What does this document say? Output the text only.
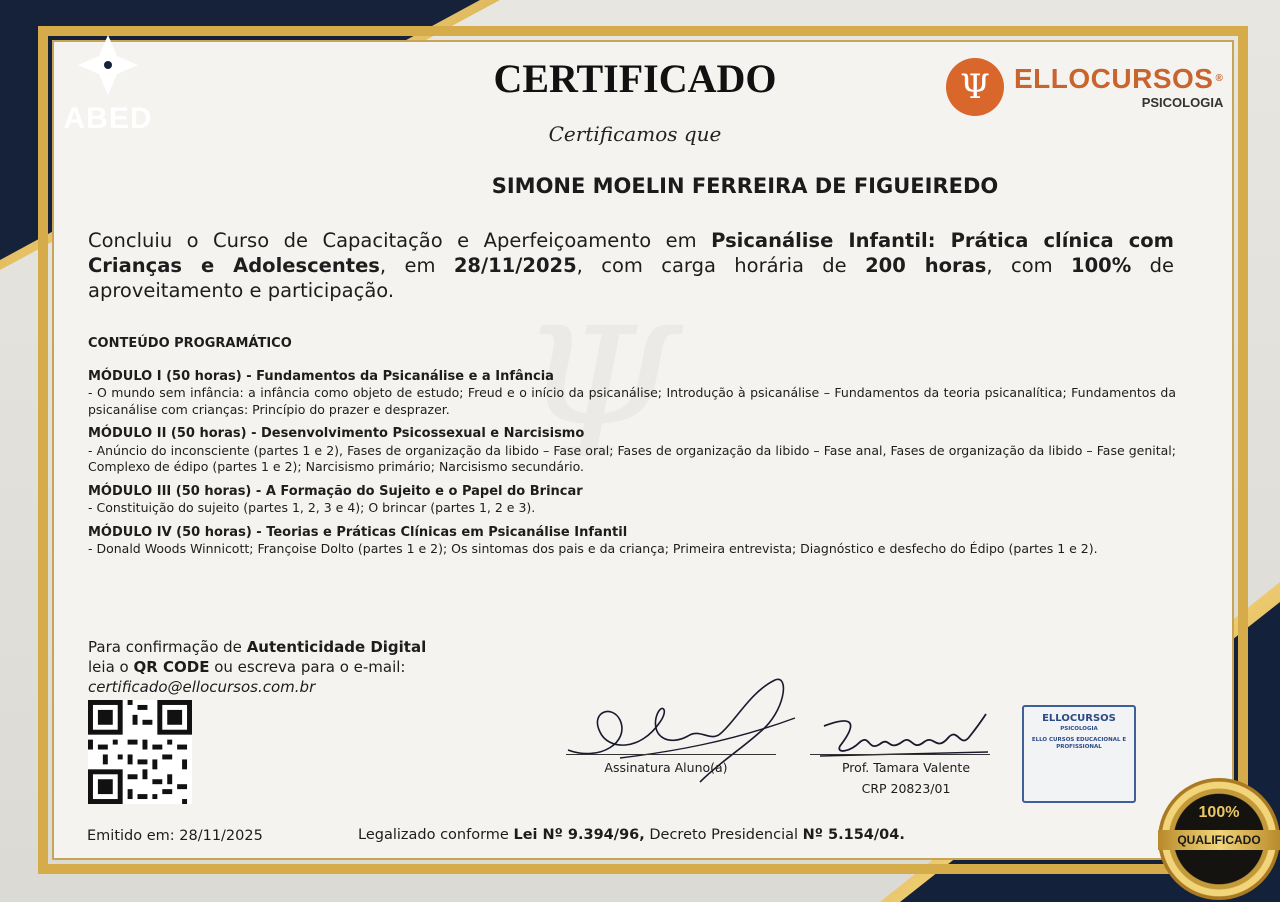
ABED
Ψ ELLOCURSOS ®
PSICOLOGIA
CERTIFICADO
Certificamos que
SIMONE MOELIN FERREIRA DE FIGUEIREDO
Concluiu o Curso de Capacitação e Aperfeiçoamento em Psicanálise Infantil: Prática clínica com Crianças e Adolescentes, em 28/11/2025, com carga horária de 200 horas, com 100% de aproveitamento e participação.
CONTEÚDO PROGRAMÁTICO
MÓDULO I (50 horas) - Fundamentos da Psicanálise e a Infância
- O mundo sem infância: a infância como objeto de estudo; Freud e o início da psicanálise; Introdução à psicanálise – Fundamentos da teoria psicanalítica; Fundamentos da psicanálise com crianças: Princípio do prazer e desprazer.
MÓDULO II (50 horas) - Desenvolvimento Psicossexual e Narcisismo
- Anúncio do inconsciente (partes 1 e 2), Fases de organização da libido – Fase oral; Fases de organização da libido – Fase anal, Fases de organização da libido – Fase genital; Complexo de édipo (partes 1 e 2); Narcisismo primário; Narcisismo secundário.
MÓDULO III (50 horas) - A Formação do Sujeito e o Papel do Brincar
- Constituição do sujeito (partes 1, 2, 3 e 4); O brincar (partes 1, 2 e 3).
MÓDULO IV (50 horas) - Teorias e Práticas Clínicas em Psicanálise Infantil
- Donald Woods Winnicott; Françoise Dolto (partes 1 e 2); Os sintomas dos pais e da criança; Primeira entrevista; Diagnóstico e desfecho do Édipo (partes 1 e 2).
Para confirmação de Autenticidade Digital
leia o QR CODE ou escreva para o e-mail:
certificado@ellocursos.com.br
Assinatura Aluno(a)	Prof. Tamara Valente
CRP 20823/01
ELLOCURSOS
PSICOLOGIA
ELLO CURSOS EDUCACIONAL E PROFISSIONAL
100%
QUALIFICADO
Emitido em: 28/11/2025	Legalizado conforme Lei Nº 9.394/96, Decreto Presidencial Nº 5.154/04.
